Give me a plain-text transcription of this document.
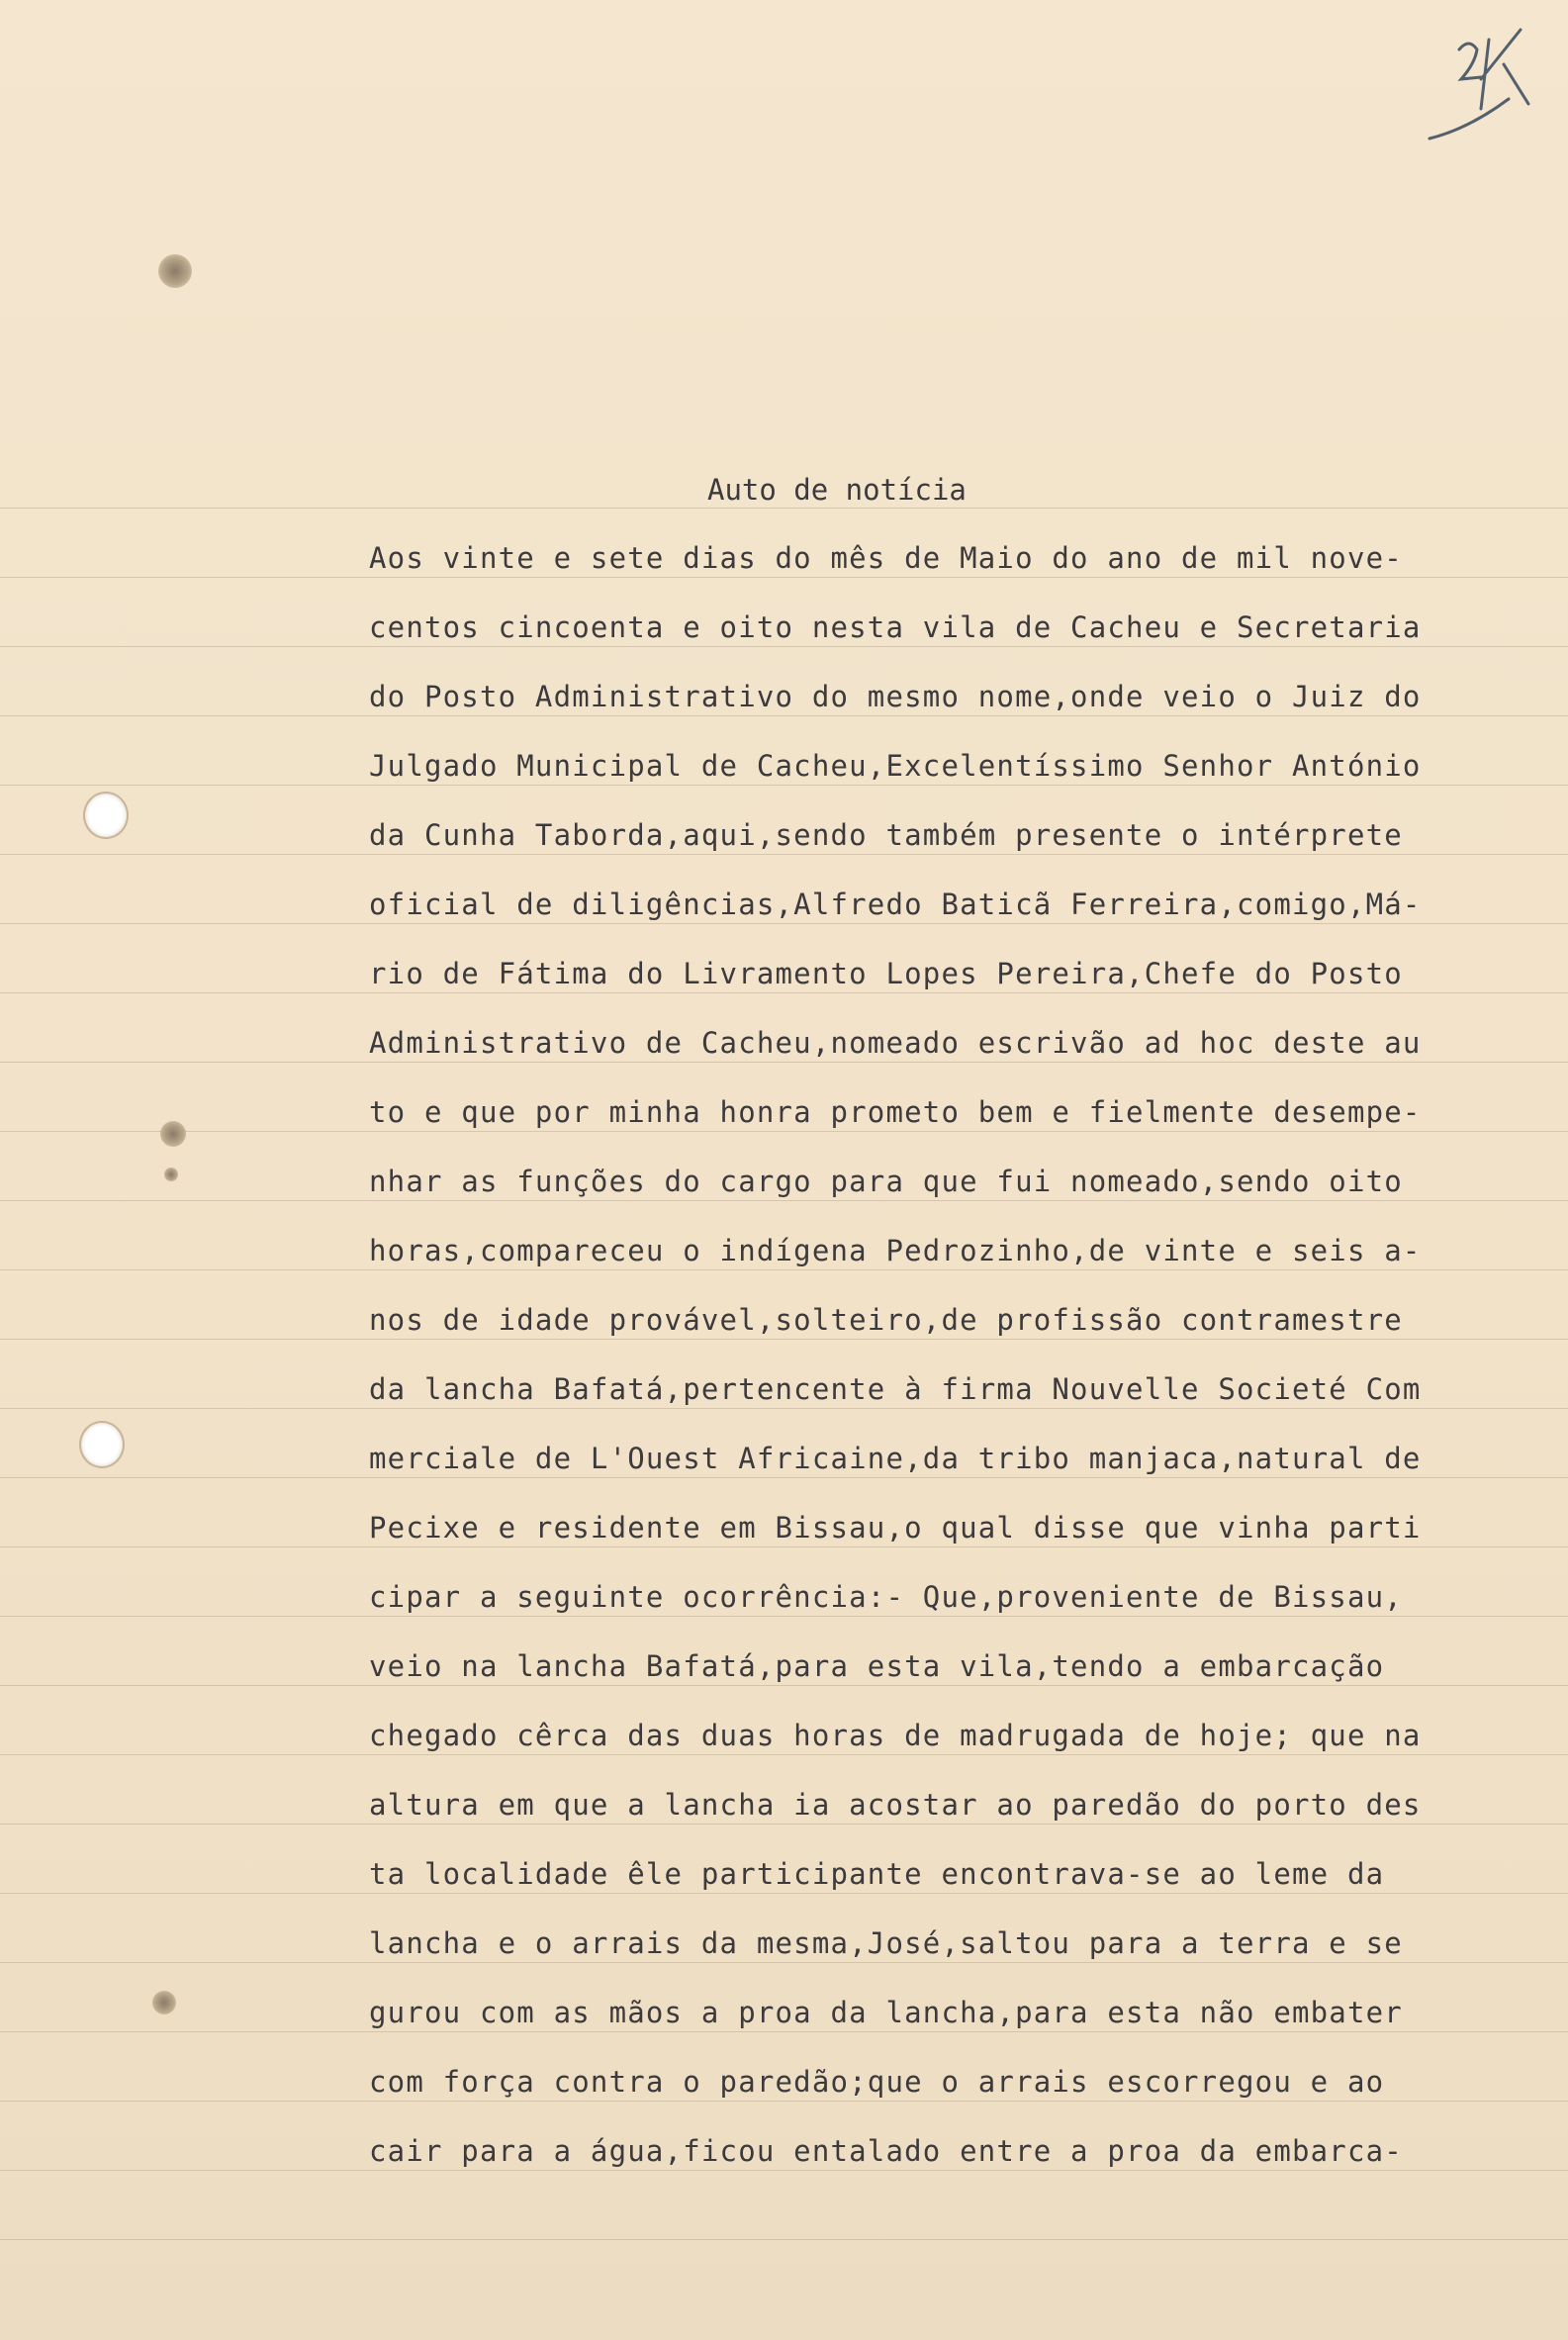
2
Auto de notícia
Aos vinte e sete dias do mês de Maio do ano de mil nove-
centos cincoenta e oito nesta vila de Cacheu e Secretaria
do Posto Administrativo do mesmo nome,onde veio o Juiz do
Julgado Municipal de Cacheu,Excelentíssimo Senhor António
da Cunha Taborda,aqui,sendo também presente o intérprete
oficial de diligências,Alfredo Baticã Ferreira,comigo,Má-
rio de Fátima do Livramento Lopes Pereira,Chefe do Posto
Administrativo de Cacheu,nomeado escrivão ad hoc deste au
to e que por minha honra prometo bem e fielmente desempe-
nhar as funções do cargo para que fui nomeado,sendo oito
horas,compareceu o indígena Pedrozinho,de vinte e seis a-
nos de idade provável,solteiro,de profissão contramestre
da lancha Bafatá,pertencente à firma Nouvelle Societé Com
merciale de L'Ouest Africaine,da tribo manjaca,natural de
Pecixe e residente em Bissau,o qual disse que vinha parti
cipar a seguinte ocorrência:- Que,proveniente de Bissau,
veio na lancha Bafatá,para esta vila,tendo a embarcação
chegado cêrca das duas horas de madrugada de hoje; que na
altura em que a lancha ia acostar ao paredão do porto des
ta localidade êle participante encontrava-se ao leme da
lancha e o arrais da mesma,José,saltou para a terra e se
gurou com as mãos a proa da lancha,para esta não embater
com força contra o paredão;que o arrais escorregou e ao
cair para a água,ficou entalado entre a proa da embarca-
